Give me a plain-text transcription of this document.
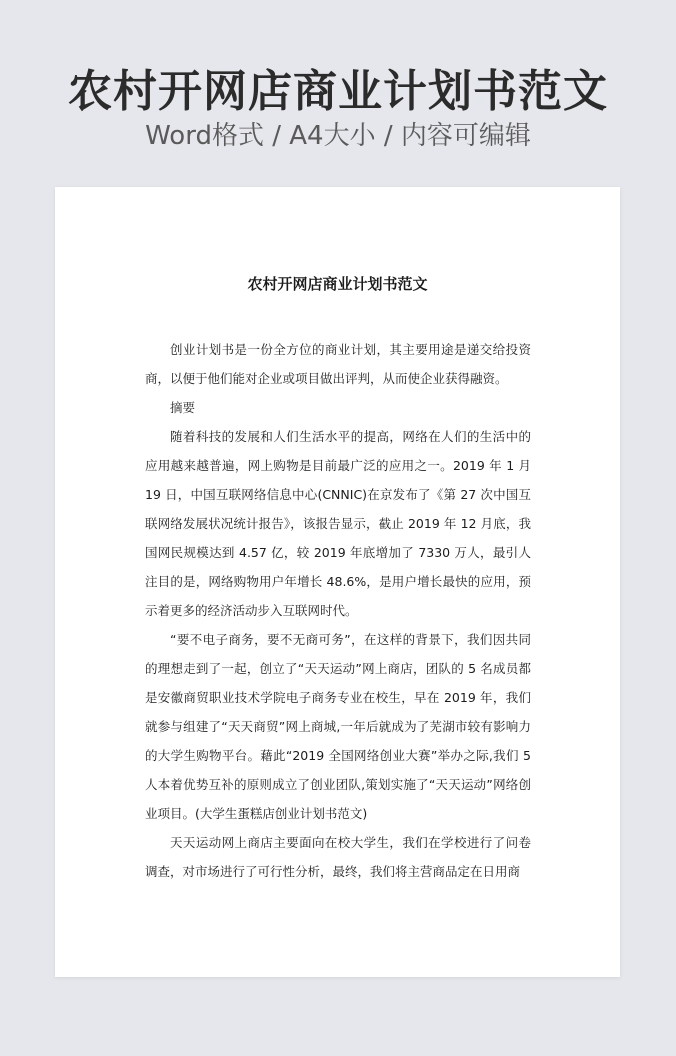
农村开网店商业计划书范文
Word格式 / A4大小 / 内容可编辑
农村开网店商业计划书范文

创业计划书是一份全方位的商业计划，其主要用途是递交给投资商，以便于他们能对企业或项目做出评判，从而使企业获得融资。

摘要

随着科技的发展和人们生活水平的提高，网络在人们的生活中的应用越来越普遍，网上购物是目前最广泛的应用之一。2019 年 1 月 19 日，中国互联网络信息中心(CNNIC)在京发布了《第 27 次中国互联网络发展状况统计报告》，该报告显示，截止 2019 年 12 月底，我国网民规模达到 4.57 亿，较 2019 年底增加了 7330 万人，最引人注目的是，网络购物用户年增长 48.6%，是用户增长最快的应用，预示着更多的经济活动步入互联网时代。

“要不电子商务，要不无商可务”，在这样的背景下，我们因共同的理想走到了一起，创立了“天天运动”网上商店，团队的 5 名成员都是安徽商贸职业技术学院电子商务专业在校生，早在 2019 年，我们就参与组建了“天天商贸”网上商城,一年后就成为了芜湖市较有影响力的大学生购物平台。藉此“2019 全国网络创业大赛”举办之际,我们 5 人本着优势互补的原则成立了创业团队,策划实施了“天天运动”网络创业项目。(大学生蛋糕店创业计划书范文)

天天运动网上商店主要面向在校大学生，我们在学校进行了问卷调查，对市场进行了可行性分析，最终，我们将主营商品定在日用商
